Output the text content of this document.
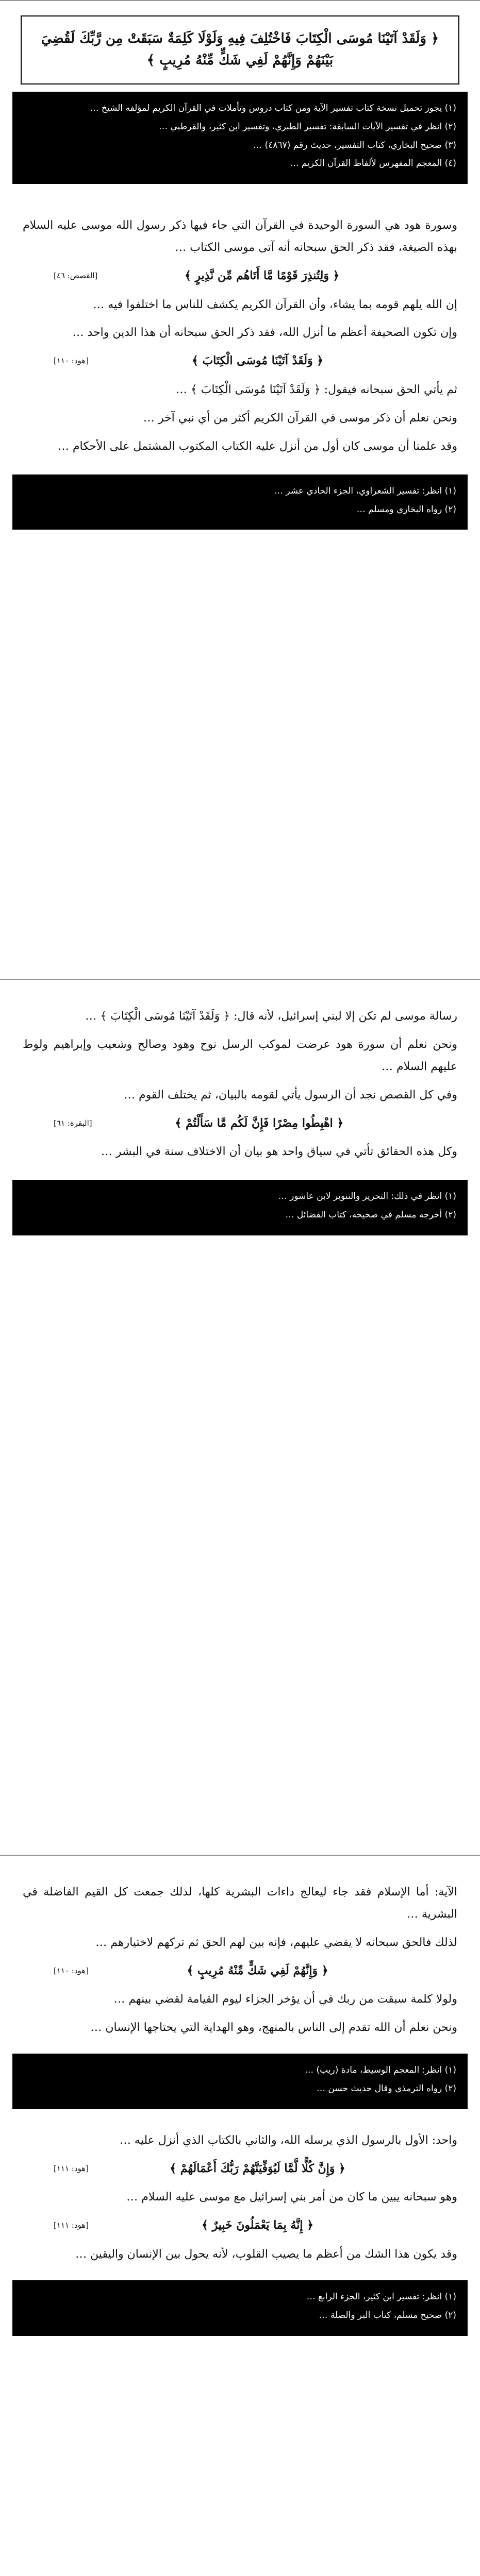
﴿ وَلَقَدْ آتَيْنَا مُوسَى الْكِتَابَ فَاخْتُلِفَ فِيهِ وَلَوْلَا كَلِمَةٌ سَبَقَتْ مِن رَّبِّكَ لَقُضِيَ بَيْنَهُمْ وَإِنَّهُمْ لَفِي شَكٍّ مِّنْهُ مُرِيبٍ ﴾
(١) يجوز تحميل نسخة كتاب تفسير الآية ومن كتاب دروس وتأملات في القرآن الكريم لمؤلفه الشيخ …
(٢) انظر في تفسير الآيات السابقة: تفسير الطبري، وتفسير ابن كثير، والقرطبي …
(٣) صحيح البخاري، كتاب التفسير، حديث رقم (٤٨٦٧) …
(٤) المعجم المفهرس لألفاظ القرآن الكريم …

وسورة هود هي السورة الوحيدة في القرآن التي جاء فيها ذكر رسول الله موسى عليه السلام بهذه الصيغة، فقد ذكر الحق سبحانه أنه آتى موسى الكتاب …

﴿ وَلِتُنذِرَ قَوْمًا مَّا أَتَاهُم مِّن نَّذِيرٍ ﴾
[القصص: ٤٦]

إن الله يلهم قومه بما يشاء، وأن القرآن الكريم يكشف للناس ما اختلفوا فيه …

وإن تكون الصحيفة أعظم ما أنزل الله، فقد ذكر الحق سبحانه أن هذا الدين واحد …

﴿ وَلَقَدْ آتَيْنَا مُوسَى الْكِتَابَ ﴾
[هود: ١١٠]

ثم يأتي الحق سبحانه فيقول: ﴿ وَلَقَدْ آتَيْنَا مُوسَى الْكِتَابَ ﴾ …

ونحن نعلم أن ذكر موسى في القرآن الكريم أكثر من أي نبي آخر …

وقد علمنا أن موسى كان أول من أنزل عليه الكتاب المكتوب المشتمل على الأحكام …

(١) انظر: تفسير الشعراوي، الجزء الحادي عشر …
(٢) رواه البخاري ومسلم …

رسالة موسى لم تكن إلا لبني إسرائيل، لأنه قال: ﴿ وَلَقَدْ آتَيْنَا مُوسَى الْكِتَابَ ﴾ …

ونحن نعلم أن سورة هود عرضت لموكب الرسل نوح وهود وصالح وشعيب وإبراهيم ولوط عليهم السلام …

وفي كل القصص نجد أن الرسول يأتي لقومه بالبيان، ثم يختلف القوم …

﴿ اهْبِطُوا مِصْرًا فَإِنَّ لَكُم مَّا سَأَلْتُمْ ﴾
[البقرة: ٦١]

وكل هذه الحقائق تأتي في سياق واحد هو بيان أن الاختلاف سنة في البشر …

(١) انظر في ذلك: التحرير والتنوير لابن عاشور …
(٢) أخرجه مسلم في صحيحه، كتاب الفضائل …

الآية: أما الإسلام فقد جاء ليعالج داءات البشرية كلها، لذلك جمعت كل القيم الفاضلة في البشرية …

لذلك فالحق سبحانه لا يقضي عليهم، فإنه بين لهم الحق ثم تركهم لاختيارهم …

﴿ وَإِنَّهُمْ لَفِي شَكٍّ مِّنْهُ مُرِيبٍ ﴾
[هود: ١١٠]

ولولا كلمة سبقت من ربك في أن يؤخر الجزاء ليوم القيامة لقضي بينهم …

ونحن نعلم أن الله تقدم إلى الناس بالمنهج، وهو الهداية التي يحتاجها الإنسان …

(١) انظر: المعجم الوسيط، مادة (ريب) …
(٢) رواه الترمذي وقال حديث حسن …

واحد: الأول بالرسول الذي يرسله الله، والثاني بالكتاب الذي أنزل عليه …

﴿ وَإِنَّ كُلًّا لَّمَّا لَيُوَفِّيَنَّهُمْ رَبُّكَ أَعْمَالَهُمْ ﴾
[هود: ١١١]

وهو سبحانه يبين ما كان من أمر بني إسرائيل مع موسى عليه السلام …

﴿ إِنَّهُ بِمَا يَعْمَلُونَ خَبِيرٌ ﴾
[هود: ١١١]

وقد يكون هذا الشك من أعظم ما يصيب القلوب، لأنه يحول بين الإنسان واليقين …

(١) انظر: تفسير ابن كثير، الجزء الرابع …
(٢) صحيح مسلم، كتاب البر والصلة …
